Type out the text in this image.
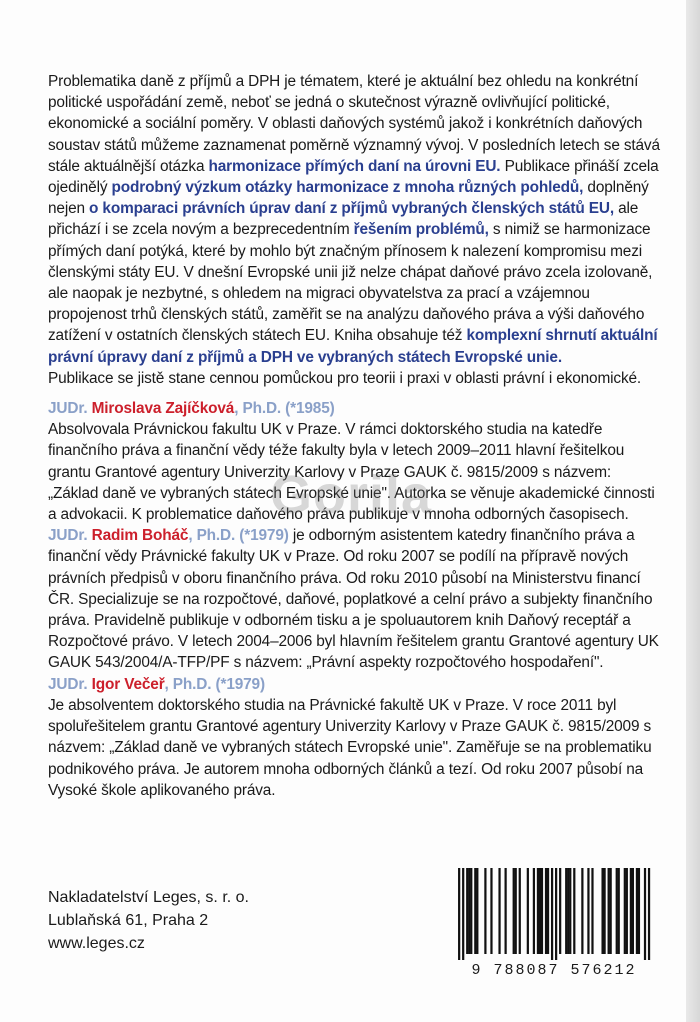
Problematika daně z příjmů a DPH je tématem, které je aktuální bez ohledu na konkrétní politické uspořádání země, neboť se jedná o skutečnost výrazně ovlivňující politické, ekonomické a sociální poměry. V oblasti daňových systémů jakož i konkrétních daňových soustav států můžeme zaznamenat poměrně významný vývoj. V posledních letech se stává stále aktuálnější otázka harmonizace přímých daní na úrovni EU. Publikace přináší zcela ojedinělý podrobný výzkum otázky harmonizace z mnoha různých pohledů, doplněný nejen o komparaci právních úprav daní z příjmů vybraných členských států EU, ale přichází i se zcela novým a bezprecedentním řešením problémů, s nimiž se harmonizace přímých daní potýká, které by mohlo být značným přínosem k nalezení kompromisu mezi členskými státy EU. V dnešní Evropské unii již nelze chápat daňové právo zcela izolovaně, ale naopak je nezbytné, s ohledem na migraci obyvatelstva za prací a vzájemnou propojenost trhů členských států, zaměřit se na analýzu daňového práva a výši daňového zatížení v ostatních členských státech EU. Kniha obsahuje též komplexní shrnutí aktuální právní úpravy daní z příjmů a DPH ve vybraných státech Evropské unie.

Publikace se jistě stane cennou pomůckou pro teorii i praxi v oblasti právní i ekonomické.

JUDr. Miroslava Zajíčková, Ph.D. (*1985)

Absolvovala Právnickou fakultu UK v Praze. V rámci doktorského studia na katedře finančního práva a finanční vědy téže fakulty byla v letech 2009–2011 hlavní řešitelkou grantu Grantové agentury Univerzity Karlovy v Praze GAUK č. 9815/2009 s názvem: „Základ daně ve vybraných státech Evropské unie". Autorka se věnuje akademické činnosti a advokacii. K problematice daňového práva publikuje v mnoha odborných časopisech.

JUDr. Radim Boháč, Ph.D. (*1979) je odborným asistentem katedry finančního práva a finanční vědy Právnické fakulty UK v Praze. Od roku 2007 se podílí na přípravě nových právních předpisů v oboru finančního práva. Od roku 2010 působí na Ministerstvu financí ČR. Specializuje se na rozpočtové, daňové, poplatkové a celní právo a subjekty finančního práva. Pravidelně publikuje v odborném tisku a je spoluautorem knih Daňový receptář a Rozpočtové právo. V letech 2004–2006 byl hlavním řešitelem grantu Grantové agentury UK GAUK 543/2004/A-TFP/PF s názvem: „Právní aspekty rozpočtového hospodaření".

JUDr. Igor Večeř, Ph.D. (*1979)

Je absolventem doktorského studia na Právnické fakultě UK v Praze. V roce 2011 byl spoluřešitelem grantu Grantové agentury Univerzity Karlovy v Praze GAUK č. 9815/2009 s názvem: „Základ daně ve vybraných státech Evropské unie". Zaměřuje se na problematiku podnikového práva. Je autorem mnoha odborných článků a tezí. Od roku 2007 působí na Vysoké škole aplikovaného práva.

Gorila
Nakladatelství Leges, s. r. o.
Lublaňská 61, Praha 2
www.leges.cz
9 788087 576212
